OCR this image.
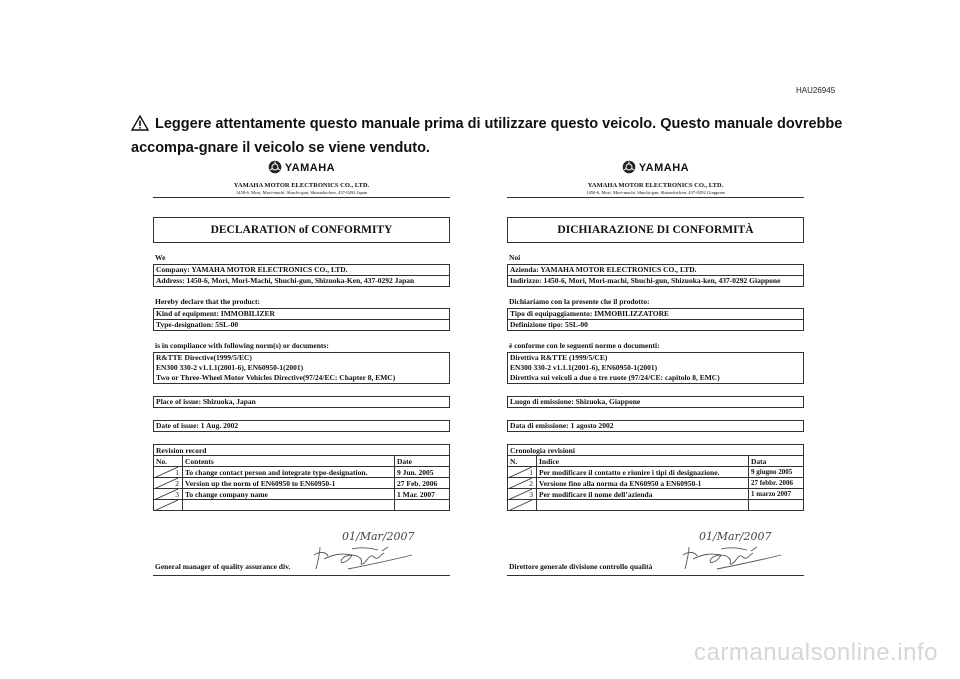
HAU26945
Leggere attentamente questo manuale prima di utilizzare questo veicolo. Questo manuale dovrebbe accompa-gnare il veicolo se viene venduto.
YAMAHA
YAMAHA MOTOR ELECTRONICS CO., LTD.
1450-6, Mori, Mori-machi, Shuchi-gun, Shizuoka-ken, 437-0292 Japan
DECLARATION of CONFORMITY
We
Company: YAMAHA MOTOR ELECTRONICS CO., LTD.
Address: 1450-6, Mori, Mori-Machi, Shuchi-gun, Shizuoka-Ken, 437-0292 Japan
Hereby declare that the product:
Kind of equipment: IMMOBILIZER
Type-designation: 5SL-00
is in compliance with following norm(s) or documents:
R&TTE Directive(1999/5/EC)
EN300 330-2 v1.1.1(2001-6), EN60950-1(2001)
Two or Three-Wheel Motor Vehicles Directive(97/24/EC: Chapter 8, EMC)
Place of issue: Shizuoka, Japan
Date of issue: 1 Aug. 2002
Revision record		
No.	Contents	Date

1	To change contact person and integrate type-designation.	9 Jun. 2005

2	Version up the norm of EN60950 to EN60950-1	27 Feb. 2006

3	To change company name	1 Mar. 2007

General manager of quality assurance div.
01/Mar/2007
YAMAHA
YAMAHA MOTOR ELECTRONICS CO., LTD.
1450-6, Mori, Mori-machi, Shuchi-gun, Shizuoka-ken, 437-0292 Giappone
DICHIARAZIONE DI CONFORMITÀ
Noi
Azienda: YAMAHA MOTOR ELECTRONICS CO., LTD.
Indirizzo: 1450-6, Mori, Mori-machi, Shuchi-gun, Shizuoka-ken, 437-0292 Giappone
Dichiariamo con la presente che il prodotto:
Tipo di equipaggiamento: IMMOBILIZZATORE
Definizione tipo: 5SL-00
è conforme con le seguenti norme o documenti:
Direttiva R&TTE (1999/5/CE)
EN300 330-2 v1.1.1(2001-6), EN60950-1(2001)
Direttiva sui veicoli a due o tre ruote (97/24/CE: capitolo 8, EMC)
Luogo di emissione: Shizuoka, Giappone
Data di emissione: 1 agosto 2002
Cronologia revisioni		
N.	Indice	Data

1	Per modificare il contatto e riunire i tipi di designazione.	9 giugno 2005

2	Versione fino alla norma da EN60950 a EN60950-1	27 febbr. 2006

3	Per modificare il nome dell’azienda	1 marzo 2007

Direttore generale divisione controllo qualità
01/Mar/2007
carmanualsonline.info
